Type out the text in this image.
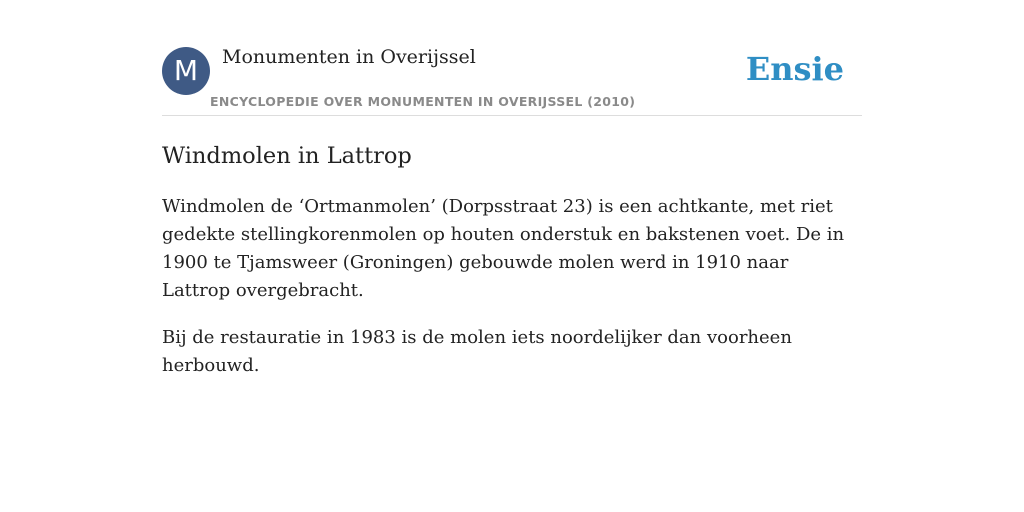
M	Monumenten in Overijssel
ENCYCLOPEDIE OVER MONUMENTEN IN OVERIJSSEL (2010)
Ensie
Windmolen in Lattrop

Windmolen de ‘Ortmanmolen’ (Dorpsstraat 23) is een achtkante, met riet gedekte stellingkorenmolen op houten onderstuk en bakstenen voet. De in 1900 te Tjamsweer (Groningen) gebouwde molen werd in 1910 naar Lattrop overgebracht.

Bij de restauratie in 1983 is de molen iets noordelijker dan voorheen herbouwd.
